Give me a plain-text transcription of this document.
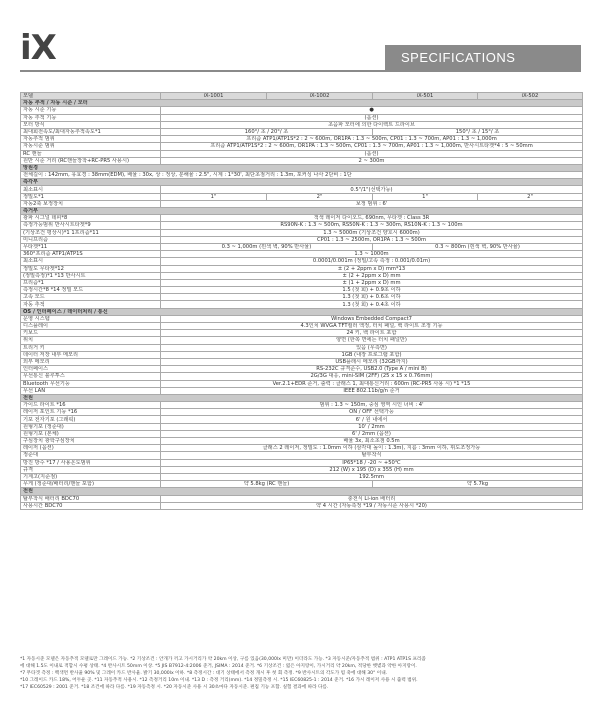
iX	SPECIFICATIONS
모델	iX-1001	iX-1002	iX-501	iX-502
자동 추적 / 자동 시준 / 모터				
자동 시준 기능	●			
자동 추적 기능	(옵션)			
모터 방식	초음파 모터에 의한 다이렉트 드라이브			
최대회전속도/최대자동추적속도*1	160°/ 초 / 20°/ 초		150°/ 초 / 15°/ 초	
자동추적 범위	프리즘 ATP1/ATP1S*2 : 2 ~ 600m, OR1PA : 1.3 ~ 500m, CP01 : 1.3 ~ 700m, AP01 : 1.3 ~ 1,000m			
자동시준 범위	프리즘 ATP1/ATP1S*2 : 2 ~ 600m, OR1PA : 1.3 ~ 500m, CP01 : 1.3 ~ 700m, AP01 : 1.3 ~ 1,000m, 반사시트타겟*4 : 5 ~ 50mm			
RC 핸들	(옵션)			
원반 시준 거리 (RC핸들장착+RC-PR5 사용시)	2 ~ 300m			
망원경				
전체길이 : 142mm, 유효경 : 38mm(EDM), 배율 : 30x, 상 : 정상, 분해율 : 2.5", 시계 : 1°30', 최단초점거리 : 1.3m, 포커싱 나사 2단비 : 1단				
측각부				
최소표시	0.5"/1"(선택가능)			
정밀도*1	1"	2"	1"	2"
자동2축 보정장치	보정 범위 : 6'			
측거부				
광파 시그널 데피*8	적색 레이저 다이오드, 690nm, 무타겟 : Class 3R			
측정가능범위 반사시트타겟*9	RS90N-K : 1.3 ~ 500m, RS50N-K : 1.3 ~ 300m, RS10N-K : 1.3 ~ 100m			
(기상조건 평상시)*1 1프리즘*11	1.3 ~ 5000m (기상조건 양호시 6000m)			
미니프리즘	CP01 : 1.3 ~ 2500m, OR1PA : 1.3 ~ 500m			
무타겟*11	0.3 ~ 1,000m (흰색 벽, 90% 반사율)		0.3 ~ 800m (흰색 벽, 90% 반사율)	
360°프리즘 ATP1/ATP1S	1.3 ~ 1000m			
최소표시	0.0001/0.001m (정밀/고속 측정 : 0.001/0.01m)			
정밀도 무타겟*12	± (2 + 2ppm x D) mm*13			
(정밀측정)*1 *13 반사시트	± (2 + 2ppm x D) mm			
프리즘*1	± (1 + 2ppm x D) mm			
측정시간*8 *14 정밀 모드	1.5 (첫 회) + 0.9초 이하			
고속 모드	1.3 (첫 회) + 0.6초 이하			
자동 추적	1.3 (첫 회) + 0.4초 이하			
OS / 인터페이스 / 데이터처리 / 통신				
운영 시스템	Windows Embedded Compact7			
디스플레이	4.3인치 WVGA TFT컬러 액정, 터치 패널, 백 라이트 조정 기능			
키보드	24 키, 백 라이트 포함			
위치	양면 (한쪽 면에는 터치 패널만)			
트리거 키	있음 (우측면)			
데이터 저장 내부 메모리	1GB (내장 프로그램 포함)			
외부 메모리	USB플래시 메모리 (32GB까지)			
인터페이스	RS-232C 규격준수, USB2.0 (Type A / mini B)			
무선통신 블루투스	2G/3G 대응, mini-SIM (2FF) (25 x 15 x 0.76mm)			
Bluetooth 무선기능	Ver.2.1+EDR 준거, 출력 : 클래스 1, 최대통신거리 : 600m (RC-PR5 사용 시) *1 *15			
무선 LAN	IEEE 802.11b/g/n 준거			
전원				
가이드 라이트 *16	범위 : 1.3 ~ 150m, 중심 영역 시인 너비 : 4'			
레이저 포인트 기능 *16	ON / OFF 선택가능			
기포 전자기포 (그래픽)	6' / 원 내에서			
원형기포 (정준대)	10' / 2mm			
원형기포 (본체)	6' / 2mm (옵션)			
구심장치 광학구심장치	배율 3x, 최소초점 0.5m			
레이저 (옵션)	클래스 2 레이저, 정밀도 : 1.0mm 이하 (삼각대 높이 : 1.3m), 지름 : 3mm 이하, 휘도조정가능			
정준대	탈부착식			
방진 방수 *17 / 사용온도범위	IP65*18 / -20 ~ +50℃			
규격	212 (W) x 195 (D) x 355 (H) mm			
기계고(지준점)	192.5mm			
무게 (정준대/배터리/핸들 포함)	약 5.8kg (RC 핸들)		약 5.7kg	
전원				
탈부착식 배터리 BDC70	충전식 Li-ion 배터리			
사용시간 BDC70	약 4 시간 (자동측정 *19 / 자동시준 사용시 *20)			
*1 자동시준 모델은 자동추적 모델로만 그레이드 가능. *2 기상조건 : 안개가 끼고 가시거리가 약 20km 이상, 구름 있음(30,000lx 미만) 이더라도 가능. *3 자동시준/자동추적 범위 : ATP1 ATP1S 프리즘
에 대해 1.5도 이내로 적합시 수평 상태. *4 반사시트 50mm 이상. *5 JIS B7912-4:2006 준거, JSIMA : 2014 준거. *6 기상조건 : 엷은 아지랑이, 가시거리 약 20km, 적당한 햇볕과 약한 아지랑이.
*7 무타겟 측정 : 백색면 반사율 90% 및 그레이 카드 반사율. 밝기 30,000lx 이하. *8 측정시간 : 대기 상태에서 측정 개시 후 첫 회 측정. *9 반사시트의 각도가 빔 축에 대해 30° 이내.
*10 그레이드 카드 18%, 어두운 곳. *11 자동추적 사용시. *12 측정거리 10m 이내. *13 D : 측정 거리(mm). *14 정밀측정 시. *15 IEC60825-1 : 2014 준거. *16 가시 레이저 사용 시 출력 범위.
*17 IEC60529 : 2001 준거. *18 조건에 따라 다름. *19 자동측정 시. *20 자동시준 사용 시 30초마다 자동시준. 편집 기능 포함. 실험 결과에 따라 다름.
